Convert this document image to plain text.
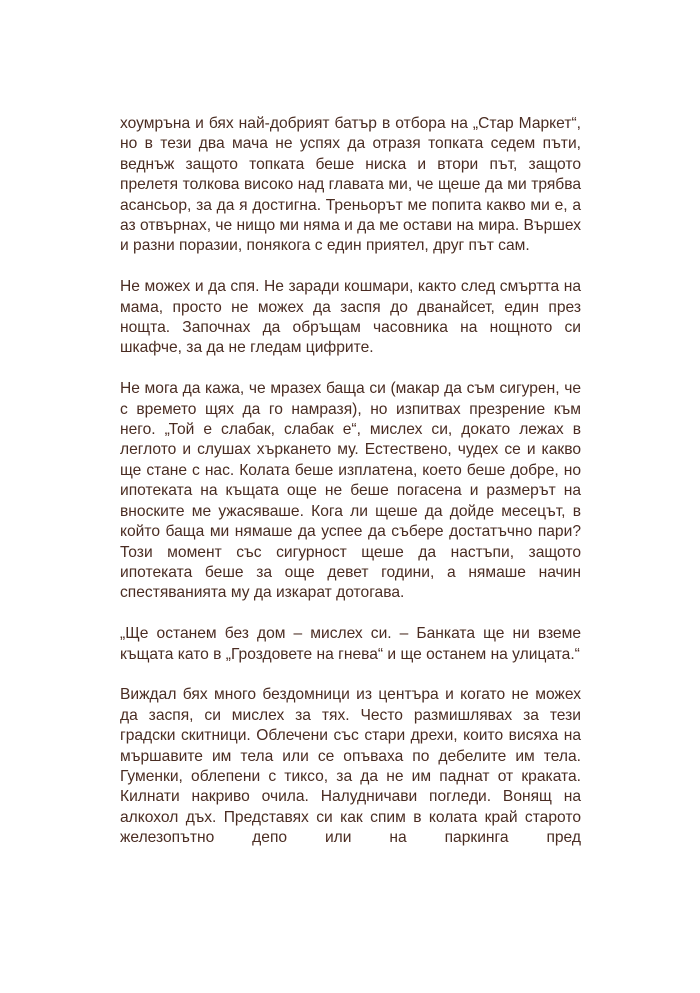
хоумръна и бях най-добрият батър в отбора на „Стар Маркет“, но в тези два мача не успях да отразя топката седем пъти, веднъж защото топката беше ниска и втори път, защото прелетя толкова високо над главата ми, че щеше да ми трябва асансьор, за да я достигна. Треньорът ме попита какво ми е, а аз отвърнах, че нищо ми няма и да ме остави на мира. Вършех и разни поразии, понякога с един приятел, друг път сам.

Не можех и да спя. Не заради кошмари, както след смъртта на мама, просто не можех да заспя до дванайсет, един през нощта. Започнах да обръщам часовника на нощното си шкафче, за да не гледам цифрите.

Не мога да кажа, че мразех баща си (макар да съм сигурен, че с времето щях да го намразя), но изпитвах презрение към него. „Той е слабак, слабак е“, мислех си, докато лежах в леглото и слушах хъркането му. Естествено, чудех се и какво ще стане с нас. Колата беше изплатена, което беше добре, но ипотеката на къщата още не беше погасена и размерът на вноските ме ужасяваше. Кога ли щеше да дойде месецът, в който баща ми нямаше да успее да събере достатъчно пари? Този момент със сигурност щеше да настъпи, защото ипотеката беше за още девет години, а нямаше начин спестяванията му да изкарат дотогава.

„Ще останем без дом – мислех си. – Банката ще ни вземе къщата като в „Гроздовете на гнева“ и ще останем на улицата.“

Виждал бях много бездомници из центъра и когато не можех да заспя, си мислех за тях. Често размишлявах за тези градски скитници. Облечени със стари дрехи, които висяха на мършавите им тела или се опъваха по дебелите им тела. Гуменки, облепени с тиксо, за да не им паднат от краката. Килнати накриво очила. Налудничави погледи. Вонящ на алкохол дъх. Представях си как спим в колата край старото железопътно депо или на паркинга пред
